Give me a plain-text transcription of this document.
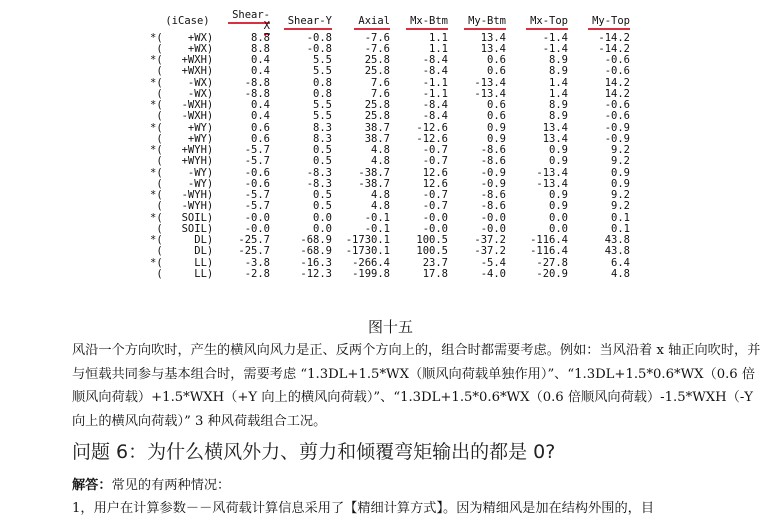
(iCase)	Shear-X	Shear-Y	Axial	Mx-Btm	My-Btm	Mx-Top	My-Top
*(    +WX)	8.8	-0.8	-7.6	1.1	13.4	-1.4	-14.2
(    +WX)	8.8	-0.8	-7.6	1.1	13.4	-1.4	-14.2
*(   +WXH)	0.4	5.5	25.8	-8.4	0.6	8.9	-0.6
(   +WXH)	0.4	5.5	25.8	-8.4	0.6	8.9	-0.6
*(    -WX)	-8.8	0.8	7.6	-1.1	-13.4	1.4	14.2
(    -WX)	-8.8	0.8	7.6	-1.1	-13.4	1.4	14.2
*(   -WXH)	0.4	5.5	25.8	-8.4	0.6	8.9	-0.6
(   -WXH)	0.4	5.5	25.8	-8.4	0.6	8.9	-0.6
*(    +WY)	0.6	8.3	38.7	-12.6	0.9	13.4	-0.9
(    +WY)	0.6	8.3	38.7	-12.6	0.9	13.4	-0.9
*(   +WYH)	-5.7	0.5	4.8	-0.7	-8.6	0.9	9.2
(   +WYH)	-5.7	0.5	4.8	-0.7	-8.6	0.9	9.2
*(    -WY)	-0.6	-8.3	-38.7	12.6	-0.9	-13.4	0.9
(    -WY)	-0.6	-8.3	-38.7	12.6	-0.9	-13.4	0.9
*(   -WYH)	-5.7	0.5	4.8	-0.7	-8.6	0.9	9.2
(   -WYH)	-5.7	0.5	4.8	-0.7	-8.6	0.9	9.2
*(   SOIL)	-0.0	0.0	-0.1	-0.0	-0.0	0.0	0.1
(   SOIL)	-0.0	0.0	-0.1	-0.0	-0.0	0.0	0.1
*(     DL)	-25.7	-68.9	-1730.1	100.5	-37.2	-116.4	43.8
(     DL)	-25.7	-68.9	-1730.1	100.5	-37.2	-116.4	43.8
*(     LL)	-3.8	-16.3	-266.4	23.7	-5.4	-27.8	6.4
(     LL)	-2.8	-12.3	-199.8	17.8	-4.0	-20.9	4.8
图十五
风沿一个方向吹时，产生的横风向风力是正、反两个方向上的，组合时都需要考虑。例如：当风沿着 x 轴正向吹时，并与恒载共同参与基本组合时，需要考虑 “1.3DL+1.5*WX（顺风向荷载单独作用）”、“1.3DL+1.5*0.6*WX（0.6 倍顺风向荷载）+1.5*WXH（+Y 向上的横风向荷载）”、“1.3DL+1.5*0.6*WX（0.6 倍顺风向荷载）-1.5*WXH（-Y 向上的横风向荷载）” 3 种风荷载组合工况。
问题 6：为什么横风外力、剪力和倾覆弯矩输出的都是 0?
解答：常见的有两种情况：
1，用户在计算参数－－风荷载计算信息采用了【精细计算方式】。因为精细风是加在结构外围的，目
